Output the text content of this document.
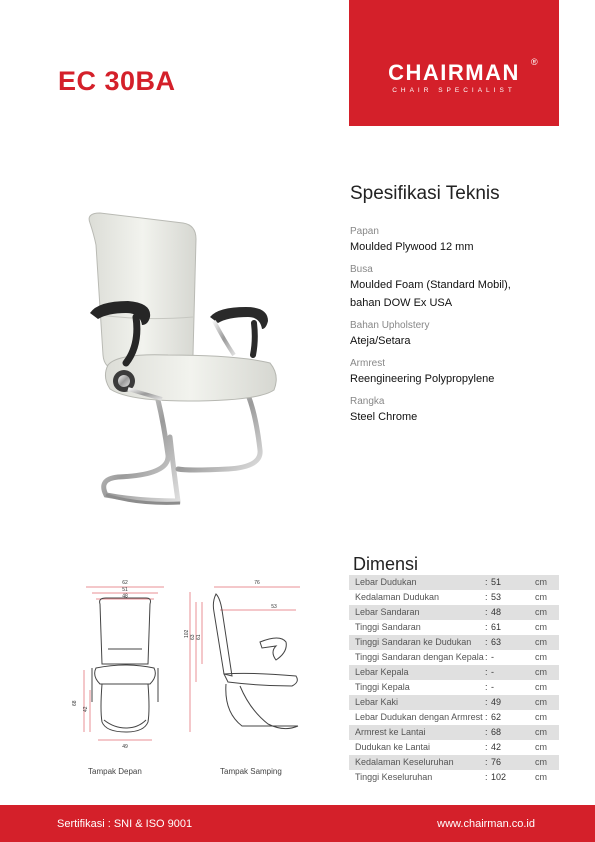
EC 30BA	CHAIRMAN	®
CHAIR SPECIALIST
Spesifikasi Teknis
Papan
Moulded Plywood 12 mm
Busa
Moulded Foam (Standard Mobil),
bahan DOW Ex USA
Bahan Upholstery
Ateja/Setara
Armrest
Reengineering Polypropylene
Rangka
Steel Chrome
Dimensi
Lebar Dudukan	:	51	cm
Kedalaman Dudukan	:	53	cm
Lebar Sandaran	:	48	cm
Tinggi Sandaran	:	61	cm
Tinggi Sandaran ke Dudukan	:	63	cm
Tinggi Sandaran dengan Kepala	:	-	cm
Lebar Kepala	:	-	cm
Tinggi Kepala	:	-	cm
Lebar Kaki	:	49	cm
Lebar Dudukan dengan Armrest	:	62	cm
Armrest ke Lantai	:	68	cm
Dudukan ke Lantai	:	42	cm
Kedalaman Keseluruhan	:	76	cm
Tinggi Keseluruhan	:	102	cm
62
51
48
68
42
49
Tampak Depan
76
53
102 63 61
Tampak Samping
Sertifikasi : SNI & ISO 9001	www.chairman.co.id
